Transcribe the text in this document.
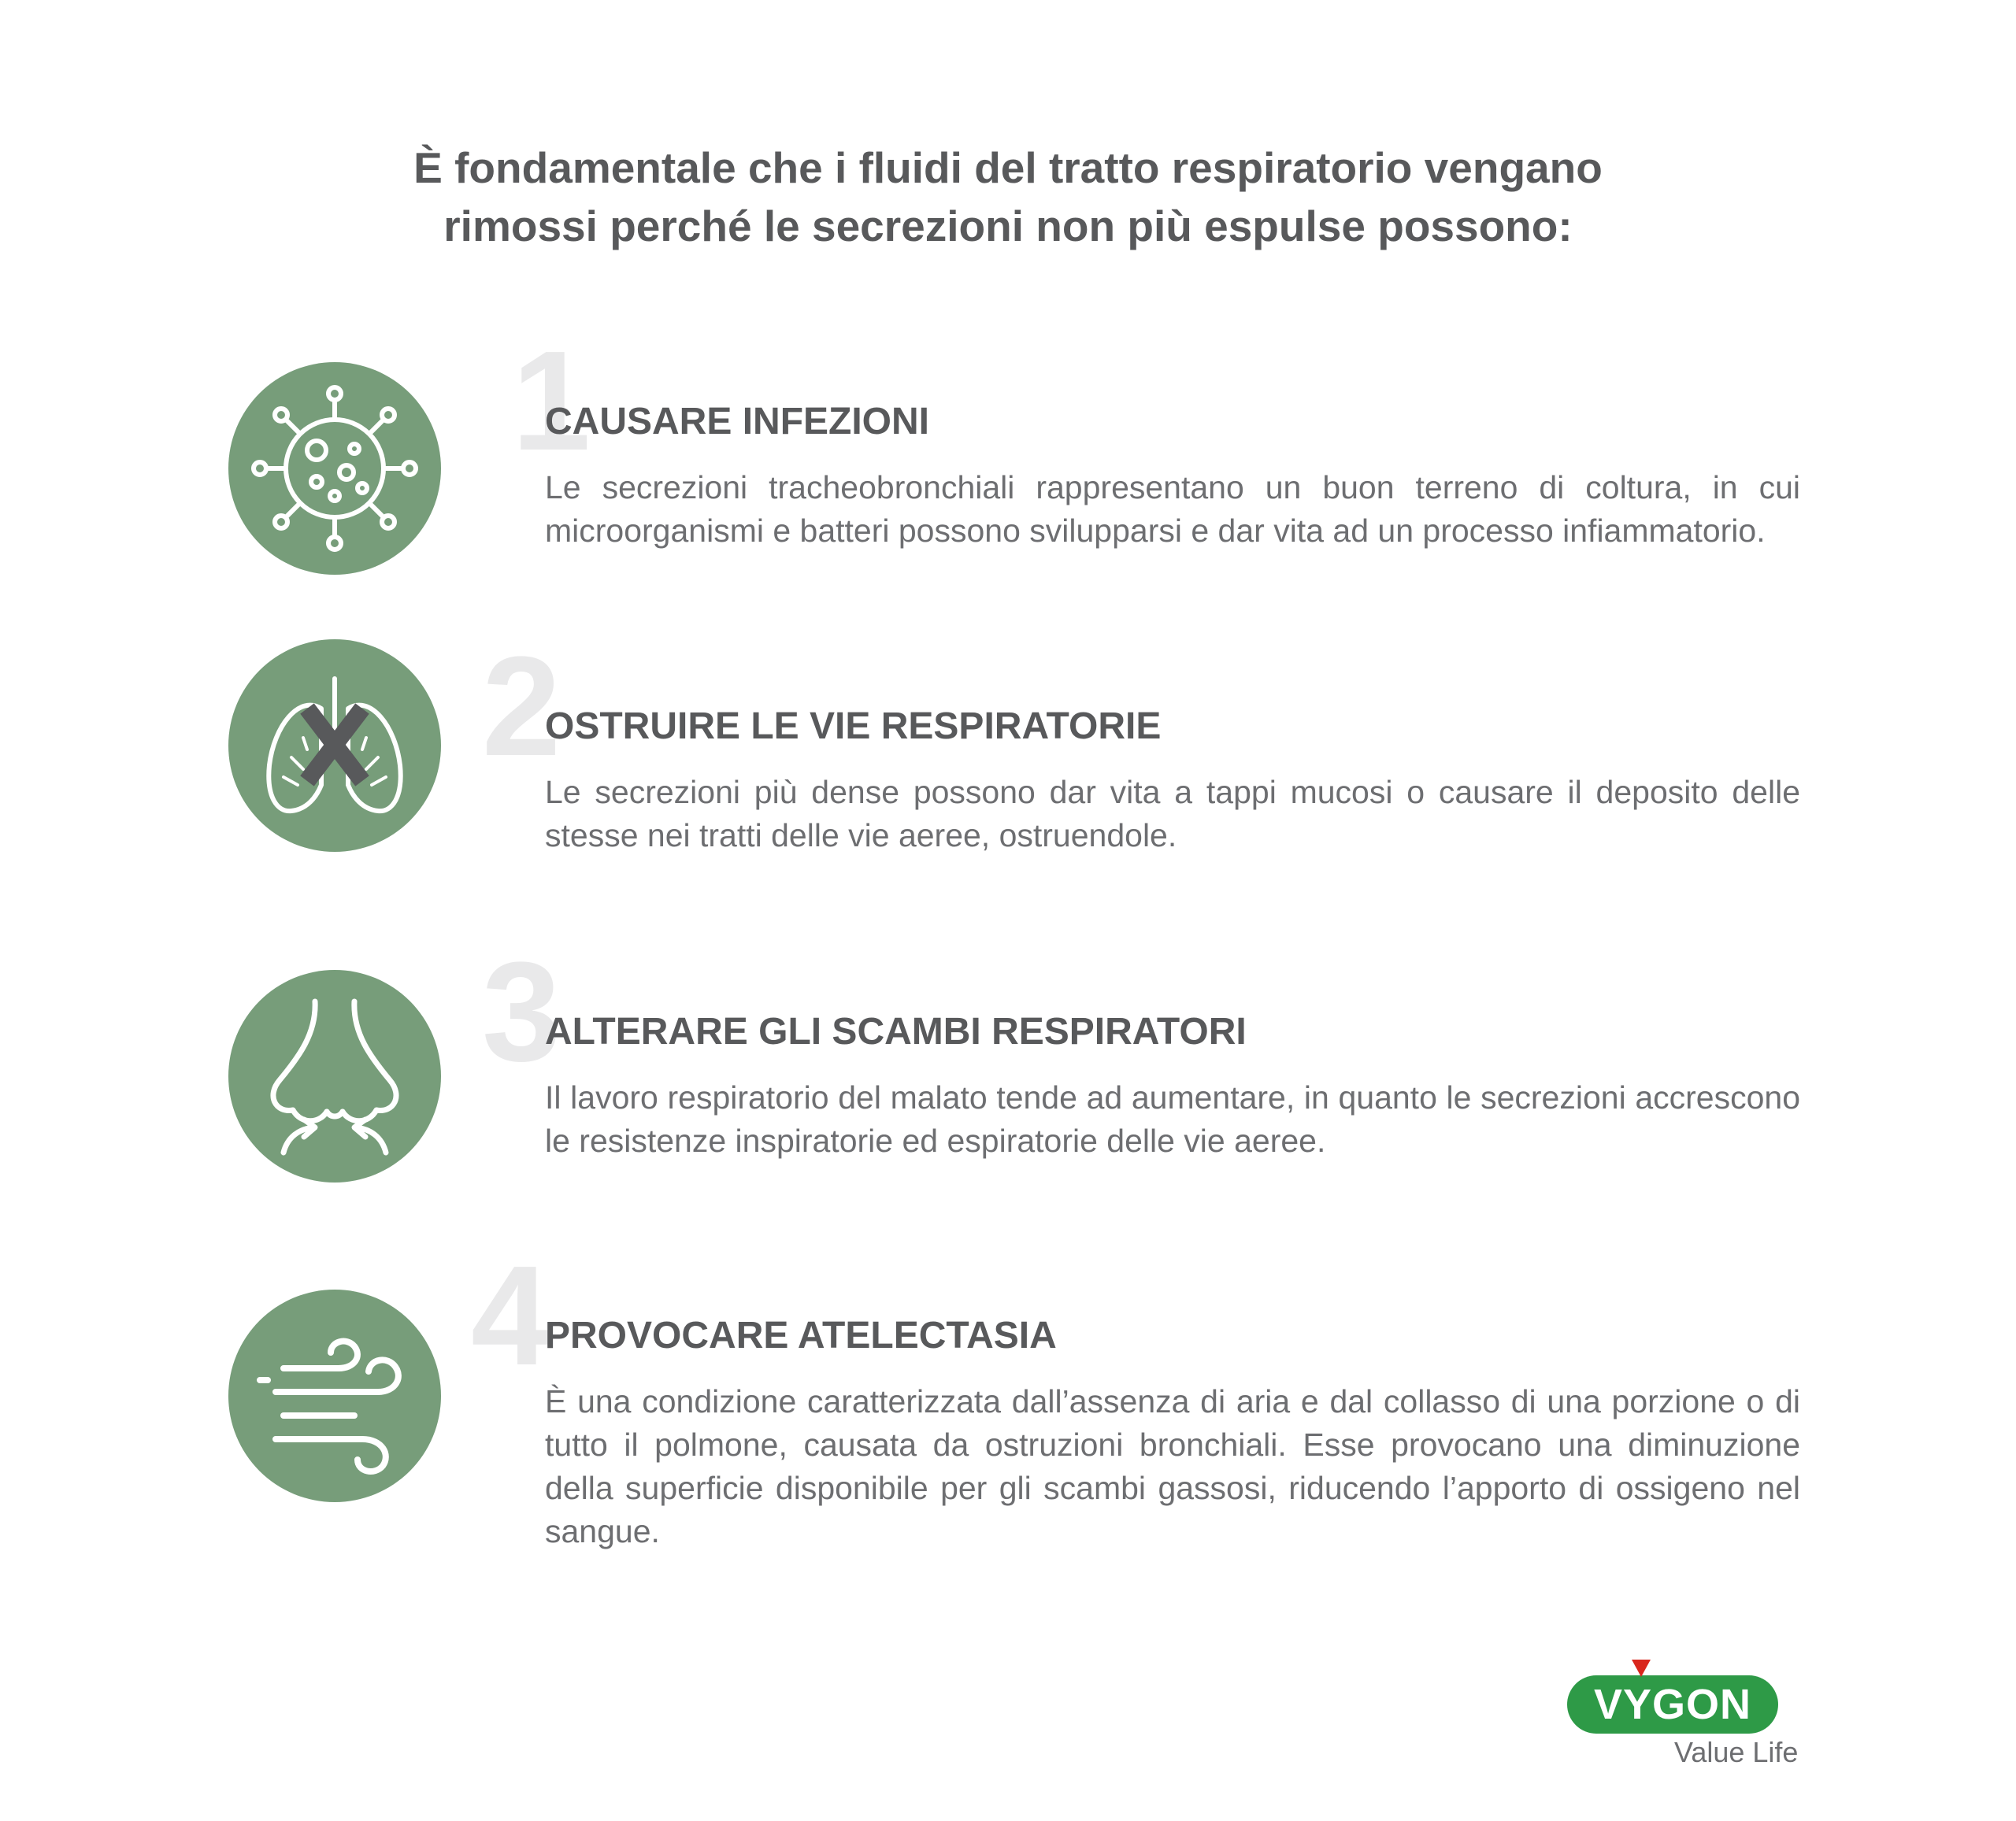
È fondamentale che i fluidi del tratto respiratorio vengano
rimossi perché le secrezioni non più espulse possono:
1
CAUSARE INFEZIONI

Le secrezioni tracheobronchiali rappresentano un buon terreno di coltura, in cui microorganismi e batteri possono svilupparsi e dar vita ad un processo infiammatorio.

2
OSTRUIRE LE VIE RESPIRATORIE

Le secrezioni più dense possono dar vita a tappi mucosi o causare il deposito delle stesse nei tratti delle vie aeree, ostruendole.

3
ALTERARE GLI SCAMBI RESPIRATORI

Il lavoro respiratorio del malato tende ad aumentare, in quanto le secrezioni accrescono le resistenze inspiratorie ed espiratorie delle vie aeree.

4
PROVOCARE ATELECTASIA

È una condizione caratterizzata dall’assenza di aria e dal collasso di una porzione o di tutto il polmone, causata da ostruzioni bronchiali. Esse provocano una diminuzione della superficie disponibile per gli scambi gassosi, riducendo l’apporto di ossigeno nel sangue.

VYGON
Value Life
